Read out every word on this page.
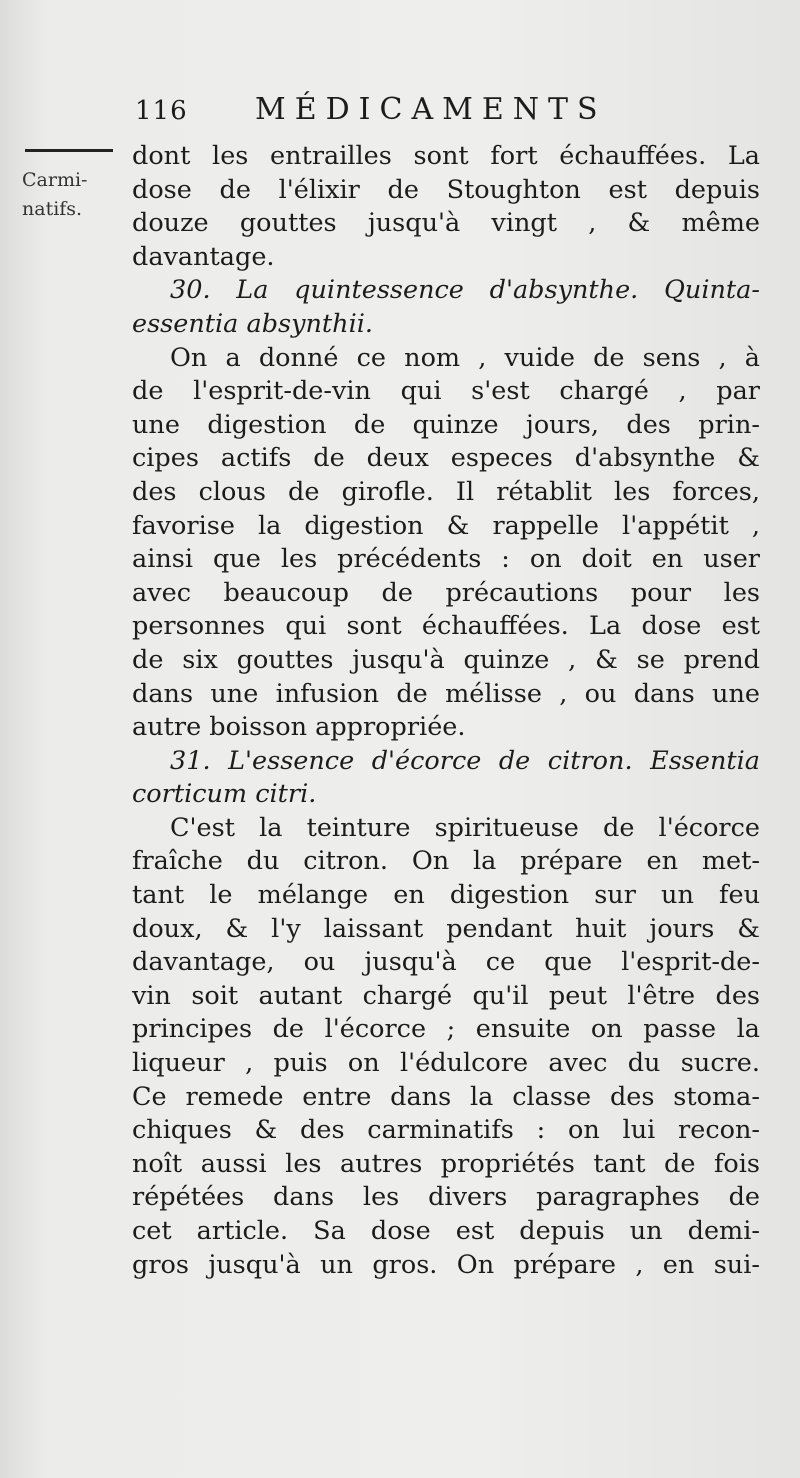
116 MÉDICAMENTS
Carmi-
natifs.
dont les entrailles sont fort échauffées. La
dose de l'élixir de Stoughton est depuis
douze gouttes jusqu'à vingt , & même
davantage.
30. La quintessence d'absynthe. Quinta-
essentia absynthii.
On a donné ce nom , vuide de sens , à
de l'esprit-de-vin qui s'est chargé , par
une digestion de quinze jours, des prin-
cipes actifs de deux especes d'absynthe &
des clous de girofle. Il rétablit les forces,
favorise la digestion & rappelle l'appétit ,
ainsi que les précédents : on doit en user
avec beaucoup de précautions pour les
personnes qui sont échauffées. La dose est
de six gouttes jusqu'à quinze , & se prend
dans une infusion de mélisse , ou dans une
autre boisson appropriée.
31. L'essence d'écorce de citron. Essentia
corticum citri.
C'est la teinture spiritueuse de l'écorce
fraîche du citron. On la prépare en met-
tant le mélange en digestion sur un feu
doux, & l'y laissant pendant huit jours &
davantage, ou jusqu'à ce que l'esprit-de-
vin soit autant chargé qu'il peut l'être des
principes de l'écorce ; ensuite on passe la
liqueur , puis on l'édulcore avec du sucre.
Ce remede entre dans la classe des stoma-
chiques & des carminatifs : on lui recon-
noît aussi les autres propriétés tant de fois
répétées dans les divers paragraphes de
cet article. Sa dose est depuis un demi-
gros jusqu'à un gros. On prépare , en sui-
